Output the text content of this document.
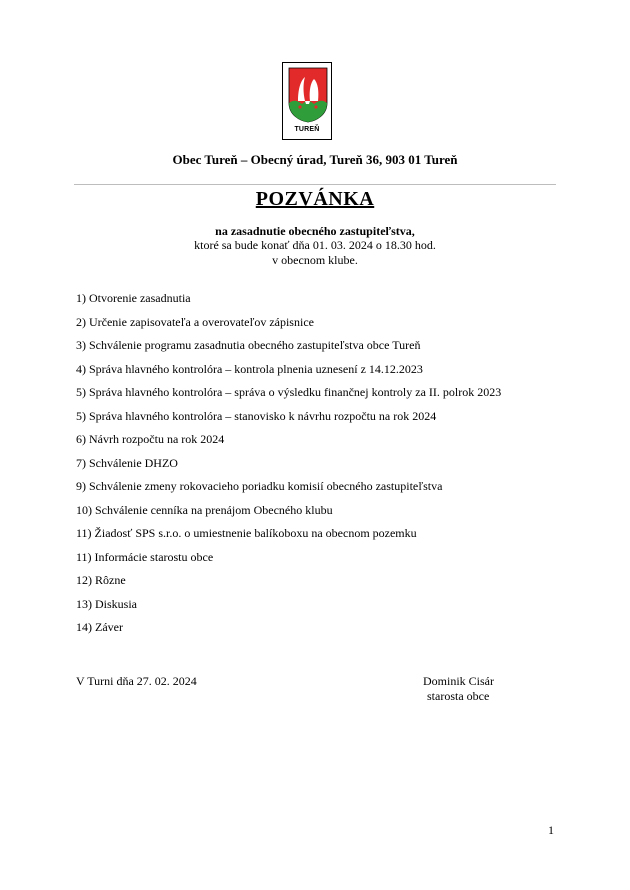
TUREŇ
Obec Tureň – Obecný úrad, Tureň 36, 903 01 Tureň
POZVÁNKA
na zasadnutie obecného zastupiteľstva,
ktoré sa bude konať dňa 01. 03. 2024 o 18.30 hod.
v obecnom klube.
1) Otvorenie zasadnutia
2) Určenie zapisovateľa a overovateľov zápisnice
3) Schválenie programu zasadnutia obecného zastupiteľstva obce Tureň
4) Správa hlavného kontrolóra – kontrola plnenia uznesení z 14.12.2023
5) Správa hlavného kontrolóra – správa o výsledku finančnej kontroly za II. polrok 2023
5) Správa hlavného kontrolóra – stanovisko k návrhu rozpočtu na rok 2024
6) Návrh rozpočtu na rok 2024
7) Schválenie DHZO
9) Schválenie zmeny rokovacieho poriadku komisií obecného zastupiteľstva
10) Schválenie cenníka na prenájom Obecného klubu
11) Žiadosť SPS s.r.o. o umiestnenie balíkoboxu na obecnom pozemku
11) Informácie starostu obce
12) Rôzne
13) Diskusia
14) Záver
V Turni dňa 27. 02. 2024	Dominik Cisár
starosta obce
1
